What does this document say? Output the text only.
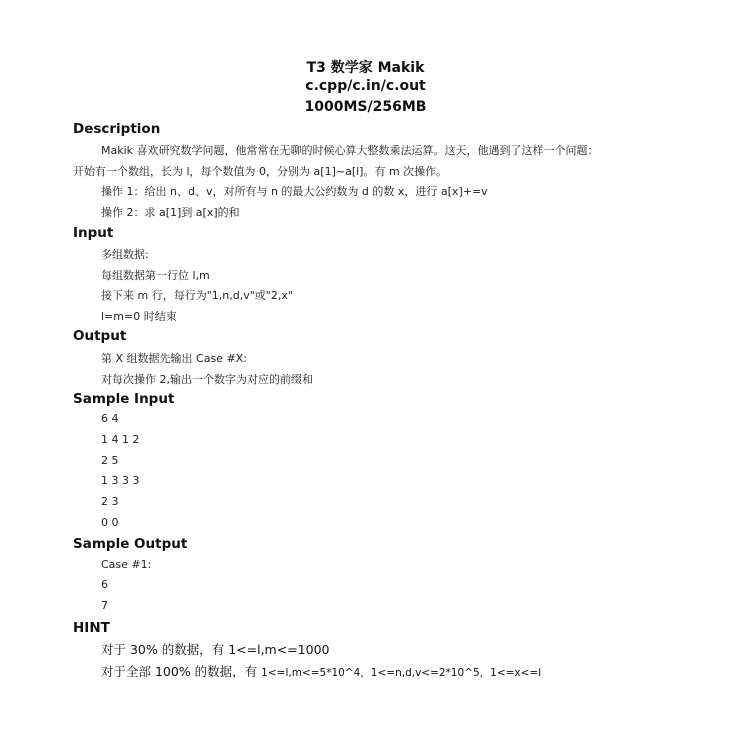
T3 数学家 Makik
c.cpp/c.in/c.out
1000MS/256MB
Description
Makik 喜欢研究数学问题，他常常在无聊的时候心算大整数乘法运算。这天，他遇到了这样一个问题：
开始有一个数组，长为 l，每个数值为 0，分别为 a[1]~a[l]。有 m 次操作。
操作 1：给出 n、d、v，对所有与 n 的最大公约数为 d 的数 x，进行 a[x]+=v
操作 2：求 a[1]到 a[x]的和
Input
多组数据:
每组数据第一行位 l,m
接下来 m 行，每行为"1,n,d,v"或"2,x"
l=m=0 时结束
Output
第 X 组数据先输出 Case #X:
对每次操作 2,输出一个数字为对应的前缀和
Sample Input
6 4
1 4 1 2
2 5
1 3 3 3
2 3
0 0
Sample Output
Case #1:
6
7
HINT
对于 30% 的数据，有 1<=l,m<=1000
对于全部 100% 的数据，有 1<=l,m<=5*10^4，1<=n,d,v<=2*10^5，1<=x<=l
